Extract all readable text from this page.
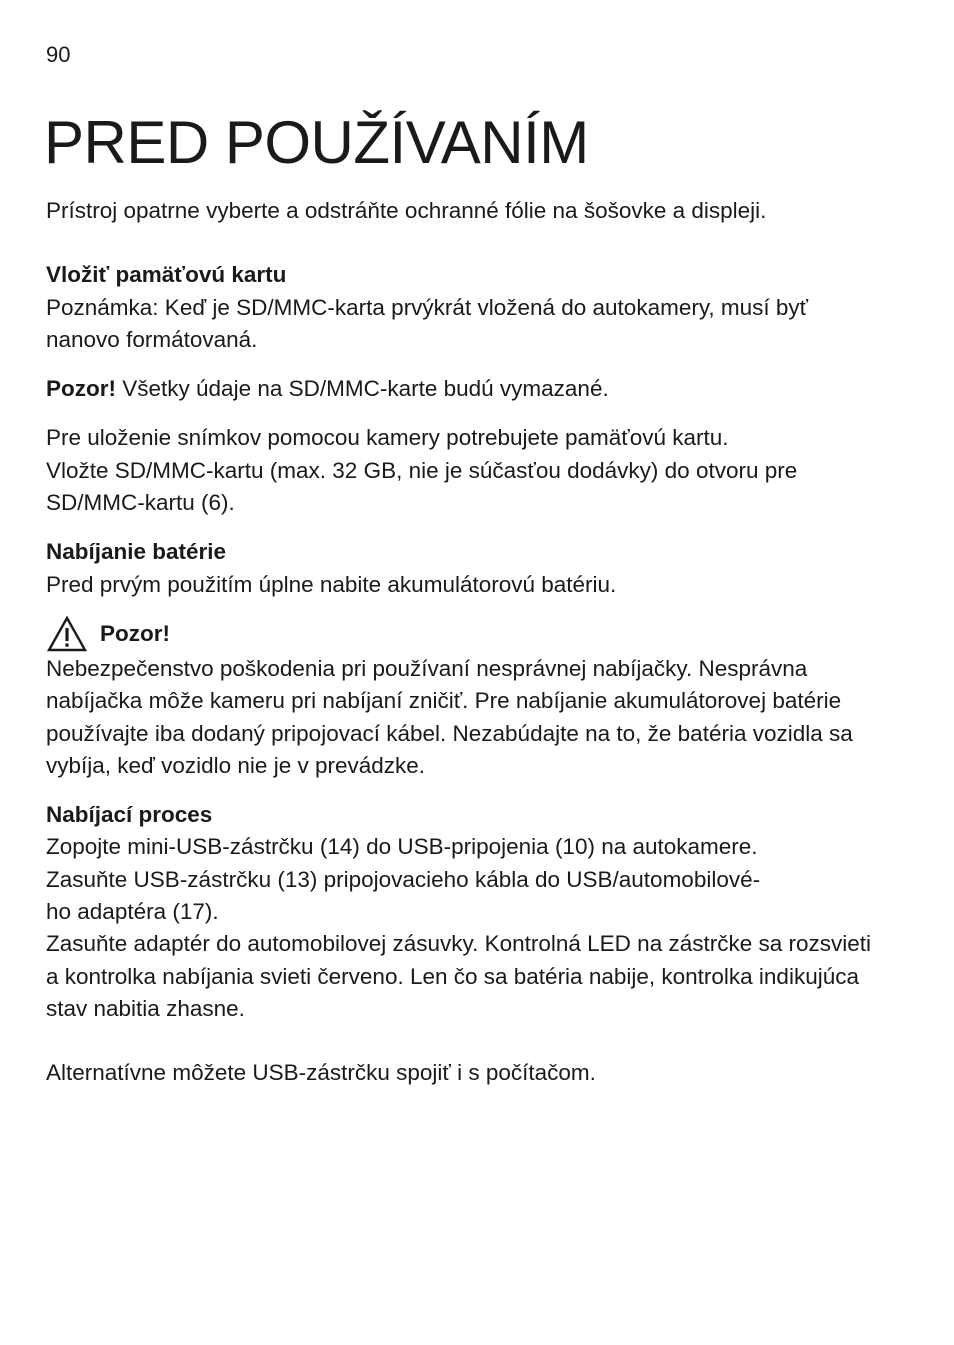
90
PRED POUŽÍVANÍM

Prístroj opatrne vyberte a odstráňte ochranné fólie na šošovke a displeji.

Vložiť pamäťovú kartu

Poznámka: Keď je SD/MMC-karta prvýkrát vložená do autokamery, musí byť nanovo formátovaná.

Pozor! Všetky údaje na SD/MMC-karte budú vymazané.

Pre uloženie snímkov pomocou kamery potrebujete pamäťovú kartu.
Vložte SD/MMC-kartu (max. 32 GB, nie je súčasťou dodávky) do otvoru pre SD/MMC-kartu (6).

Nabíjanie batérie

Pred prvým použitím úplne nabite akumulátorovú batériu.

Pozor!

Nebezpečenstvo poškodenia pri používaní nesprávnej nabíjačky. Nesprávna nabíjačka môže kameru pri nabíjaní zničiť. Pre nabíjanie akumulátorovej batérie používajte iba dodaný pripojovací kábel. Nezabúdajte na to, že batéria vozidla sa vybíja, keď vozidlo nie je v prevádzke.

Nabíjací proces

Zopojte mini-USB-zástrčku (14) do USB-pripojenia (10) na autokamere.
Zasuňte USB-zástrčku (13) pripojovacieho kábla do USB/automobilové-
ho adaptéra (17).
Zasuňte adaptér do automobilovej zásuvky. Kontrolná LED na zástrčke sa rozsvieti a kontrolka nabíjania svieti červeno. Len čo sa batéria nabije, kontrolka indikujúca stav nabitia zhasne.

Alternatívne môžete USB-zástrčku spojiť i s počítačom.
